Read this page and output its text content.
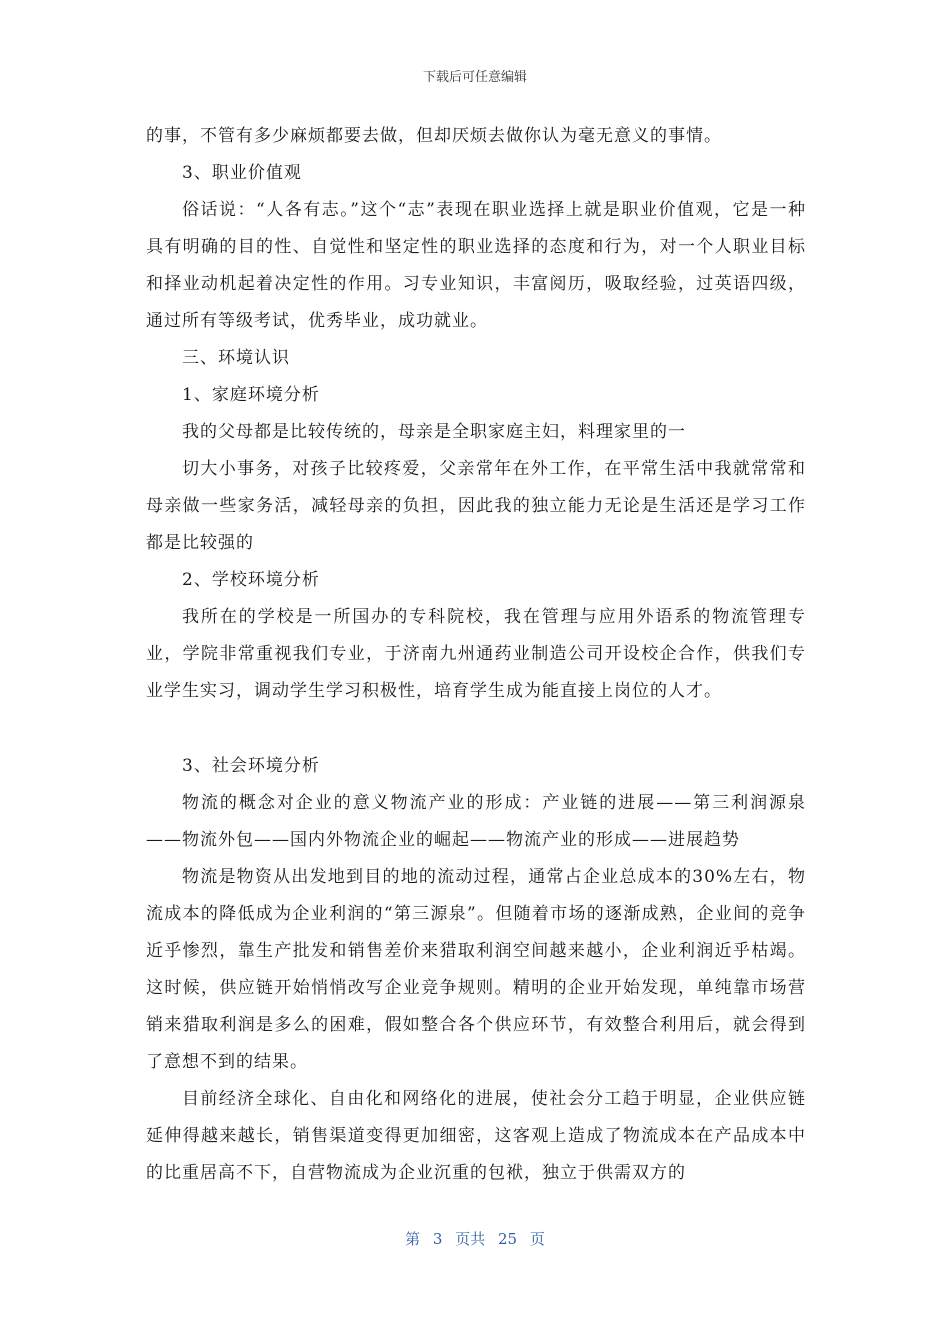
下载后可任意编辑

的事，不管有多少麻烦都要去做，但却厌烦去做你认为毫无意义的事情。

3、职业价值观

俗话说：“人各有志。”这个“志”表现在职业选择上就是职业价值观，它是一种具有明确的目的性、自觉性和坚定性的职业选择的态度和行为，对一个人职业目标和择业动机起着决定性的作用。习专业知识，丰富阅历，吸取经验，过英语四级，通过所有等级考试，优秀毕业，成功就业。

三、环境认识

1、家庭环境分析

我的父母都是比较传统的，母亲是全职家庭主妇，料理家里的一

切大小事务，对孩子比较疼爱，父亲常年在外工作，在平常生活中我就常常和母亲做一些家务活，减轻母亲的负担，因此我的独立能力无论是生活还是学习工作都是比较强的

2、学校环境分析

我所在的学校是一所国办的专科院校，我在管理与应用外语系的物流管理专业，学院非常重视我们专业，于济南九州通药业制造公司开设校企合作，供我们专业学生实习，调动学生学习积极性，培育学生成为能直接上岗位的人才。

3、社会环境分析

物流的概念对企业的意义物流产业的形成：产业链的进展——第三利润源泉——物流外包——国内外物流企业的崛起——物流产业的形成——进展趋势

物流是物资从出发地到目的地的流动过程，通常占企业总成本的30%左右，物流成本的降低成为企业利润的“第三源泉”。但随着市场的逐渐成熟，企业间的竞争近乎惨烈，靠生产批发和销售差价来猎取利润空间越来越小，企业利润近乎枯竭。这时候，供应链开始悄悄改写企业竞争规则。精明的企业开始发现，单纯靠市场营销来猎取利润是多么的困难，假如整合各个供应环节，有效整合利用后，就会得到了意想不到的结果。

目前经济全球化、自由化和网络化的进展，使社会分工趋于明显，企业供应链延伸得越来越长，销售渠道变得更加细密，这客观上造成了物流成本在产品成本中的比重居高不下，自营物流成为企业沉重的包袱，独立于供需双方的

第 3 页共 25 页
